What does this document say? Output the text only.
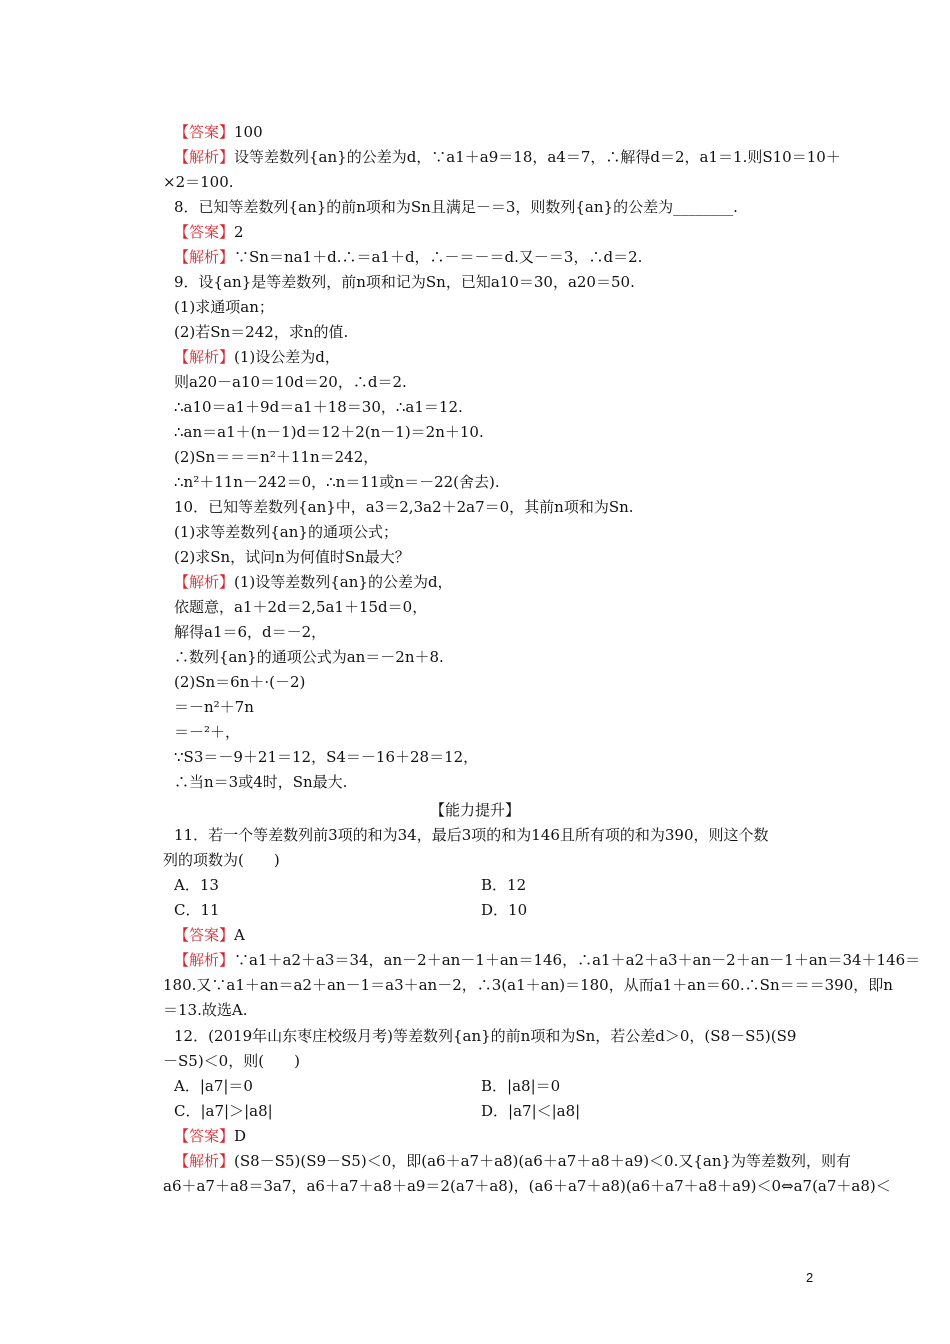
【答案】100
【解析】设等差数列{an}的公差为d，∵a1＋a9＝18，a4＝7，∴解得d＝2，a1＝1.则S10＝10＋
×2＝100.
8．已知等差数列{an}的前n项和为Sn且满足－＝3，则数列{an}的公差为________.
【答案】2
【解析】∵Sn＝na1＋d.∴＝a1＋d，∴－＝－＝d.又－＝3，∴d＝2.
9．设{an}是等差数列，前n项和记为Sn，已知a10＝30，a20＝50.
(1)求通项an；
(2)若Sn＝242，求n的值.
【解析】(1)设公差为d，
则a20－a10＝10d＝20，∴d＝2.
∴a10＝a1＋9d＝a1＋18＝30，∴a1＝12.
∴an＝a1＋(n－1)d＝12＋2(n－1)＝2n＋10.
(2)Sn＝＝＝n²＋11n＝242，
∴n²＋11n－242＝0，∴n＝11或n＝－22(舍去).
10．已知等差数列{an}中，a3＝2,3a2＋2a7＝0，其前n项和为Sn.
(1)求等差数列{an}的通项公式；
(2)求Sn，试问n为何值时Sn最大？
【解析】(1)设等差数列{an}的公差为d，
依题意，a1＋2d＝2,5a1＋15d＝0，
解得a1＝6，d＝－2，
∴数列{an}的通项公式为an＝－2n＋8.
(2)Sn＝6n＋·(－2)
＝－n²＋7n
＝－²＋，
∵S3＝－9＋21＝12，S4＝－16＋28＝12，
∴当n＝3或4时，Sn最大.
【能力提升】
11．若一个等差数列前3项的和为34，最后3项的和为146且所有项的和为390，则这个数
列的项数为(　　)
A．13	B．12
C．11	D．10
【答案】A
【解析】∵a1＋a2＋a3＝34，an－2＋an－1＋an＝146，∴a1＋a2＋a3＋an－2＋an－1＋an＝34＋146＝
180.又∵a1＋an＝a2＋an－1＝a3＋an－2，∴3(a1＋an)＝180，从而a1＋an＝60.∴Sn＝＝＝390，即n
＝13.故选A.
12．(2019年山东枣庄校级月考)等差数列{an}的前n项和为Sn，若公差d＞0，(S8－S5)(S9
－S5)＜0，则(　　)
A．|a7|＝0	B．|a8|＝0
C．|a7|＞|a8|	D．|a7|＜|a8|
【答案】D
【解析】(S8－S5)(S9－S5)＜0，即(a6＋a7＋a8)(a6＋a7＋a8＋a9)＜0.又{an}为等差数列，则有
a6＋a7＋a8＝3a7，a6＋a7＋a8＋a9＝2(a7＋a8)，(a6＋a7＋a8)(a6＋a7＋a8＋a9)＜0⇔a7(a7＋a8)＜
2
